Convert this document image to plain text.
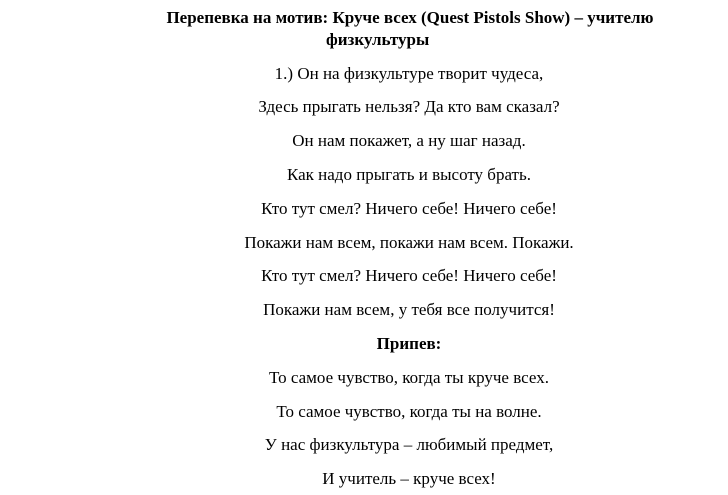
Перепевка на мотив: Круче всех (Quest Pistols Show) – учителю
физкультуры
1.) Он на физкультуре творит чудеса,
Здесь прыгать нельзя? Да кто вам сказал?
Он нам покажет, а ну шаг назад.
Как надо прыгать и высоту брать.
Кто тут смел? Ничего себе! Ничего себе!
Покажи нам всем, покажи нам всем. Покажи.
Кто тут смел? Ничего себе! Ничего себе!
Покажи нам всем, у тебя все получится!
Припев:
То самое чувство, когда ты круче всех.
То самое чувство, когда ты на волне.
У нас физкультура – любимый предмет,
И учитель – круче всех!
